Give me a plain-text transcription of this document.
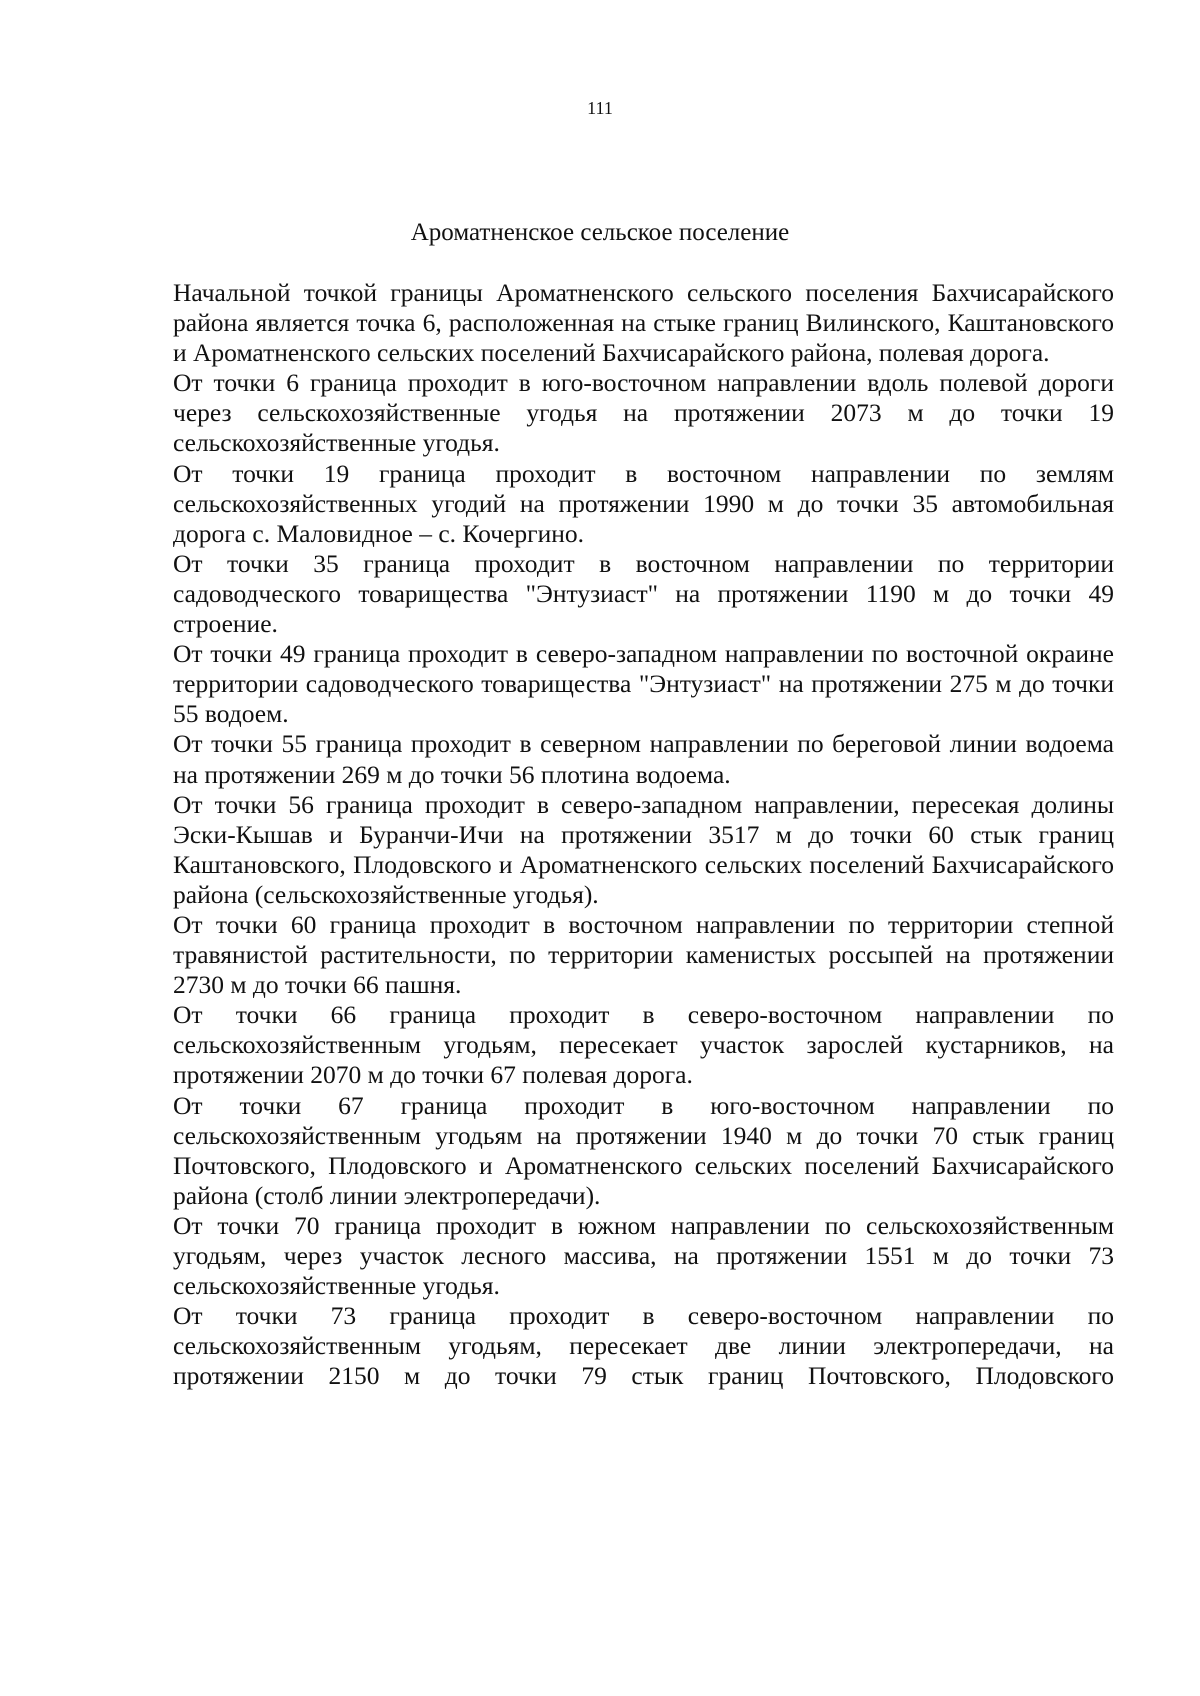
111
Ароматненское сельское поселение

Начальной точкой границы Ароматненского сельского поселения Бахчисарайского района является точка 6, расположенная на стыке границ Вилинского, Каштановского и Ароматненского сельских поселений Бахчисарайского района, полевая дорога.

От точки 6 граница проходит в юго-восточном направлении вдоль полевой дороги через сельскохозяйственные угодья на протяжении 2073 м до точки 19 сельскохозяйственные угодья.

От точки 19 граница проходит в восточном направлении по землям сельскохозяйственных угодий на протяжении 1990 м до точки 35 автомобильная дорога с. Маловидное – с. Кочергино.

От точки 35 граница проходит в восточном направлении по территории садоводческого товарищества "Энтузиаст" на протяжении 1190 м до точки 49 строение.

От точки 49 граница проходит в северо-западном направлении по восточной окраине территории садоводческого товарищества "Энтузиаст" на протяжении 275 м до точки 55 водоем.

От точки 55 граница проходит в северном направлении по береговой линии водоема на протяжении 269 м до точки 56 плотина водоема.

От точки 56 граница проходит в северо-западном направлении, пересекая долины Эски-Кышав и Буранчи-Ичи на протяжении 3517 м до точки 60 стык границ Каштановского, Плодовского и Ароматненского сельских поселений Бахчисарайского района (сельскохозяйственные угодья).

От точки 60 граница проходит в восточном направлении по территории степной травянистой растительности, по территории каменистых россыпей на протяжении 2730 м до точки 66 пашня.

От точки 66 граница проходит в северо-восточном направлении по сельскохозяйственным угодьям, пересекает участок зарослей кустарников, на протяжении 2070 м до точки 67 полевая дорога.

От точки 67 граница проходит в юго-восточном направлении по сельскохозяйственным угодьям на протяжении 1940 м до точки 70 стык границ Почтовского, Плодовского и Ароматненского сельских поселений Бахчисарайского района (столб линии электропередачи).

От точки 70 граница проходит в южном направлении по сельскохозяйственным угодьям, через участок лесного массива, на протяжении 1551 м до точки 73 сельскохозяйственные угодья.

От точки 73 граница проходит в северо-восточном направлении по сельскохозяйственным угодьям, пересекает две линии электропередачи, на протяжении 2150 м до точки 79 стык границ Почтовского, Плодовского
